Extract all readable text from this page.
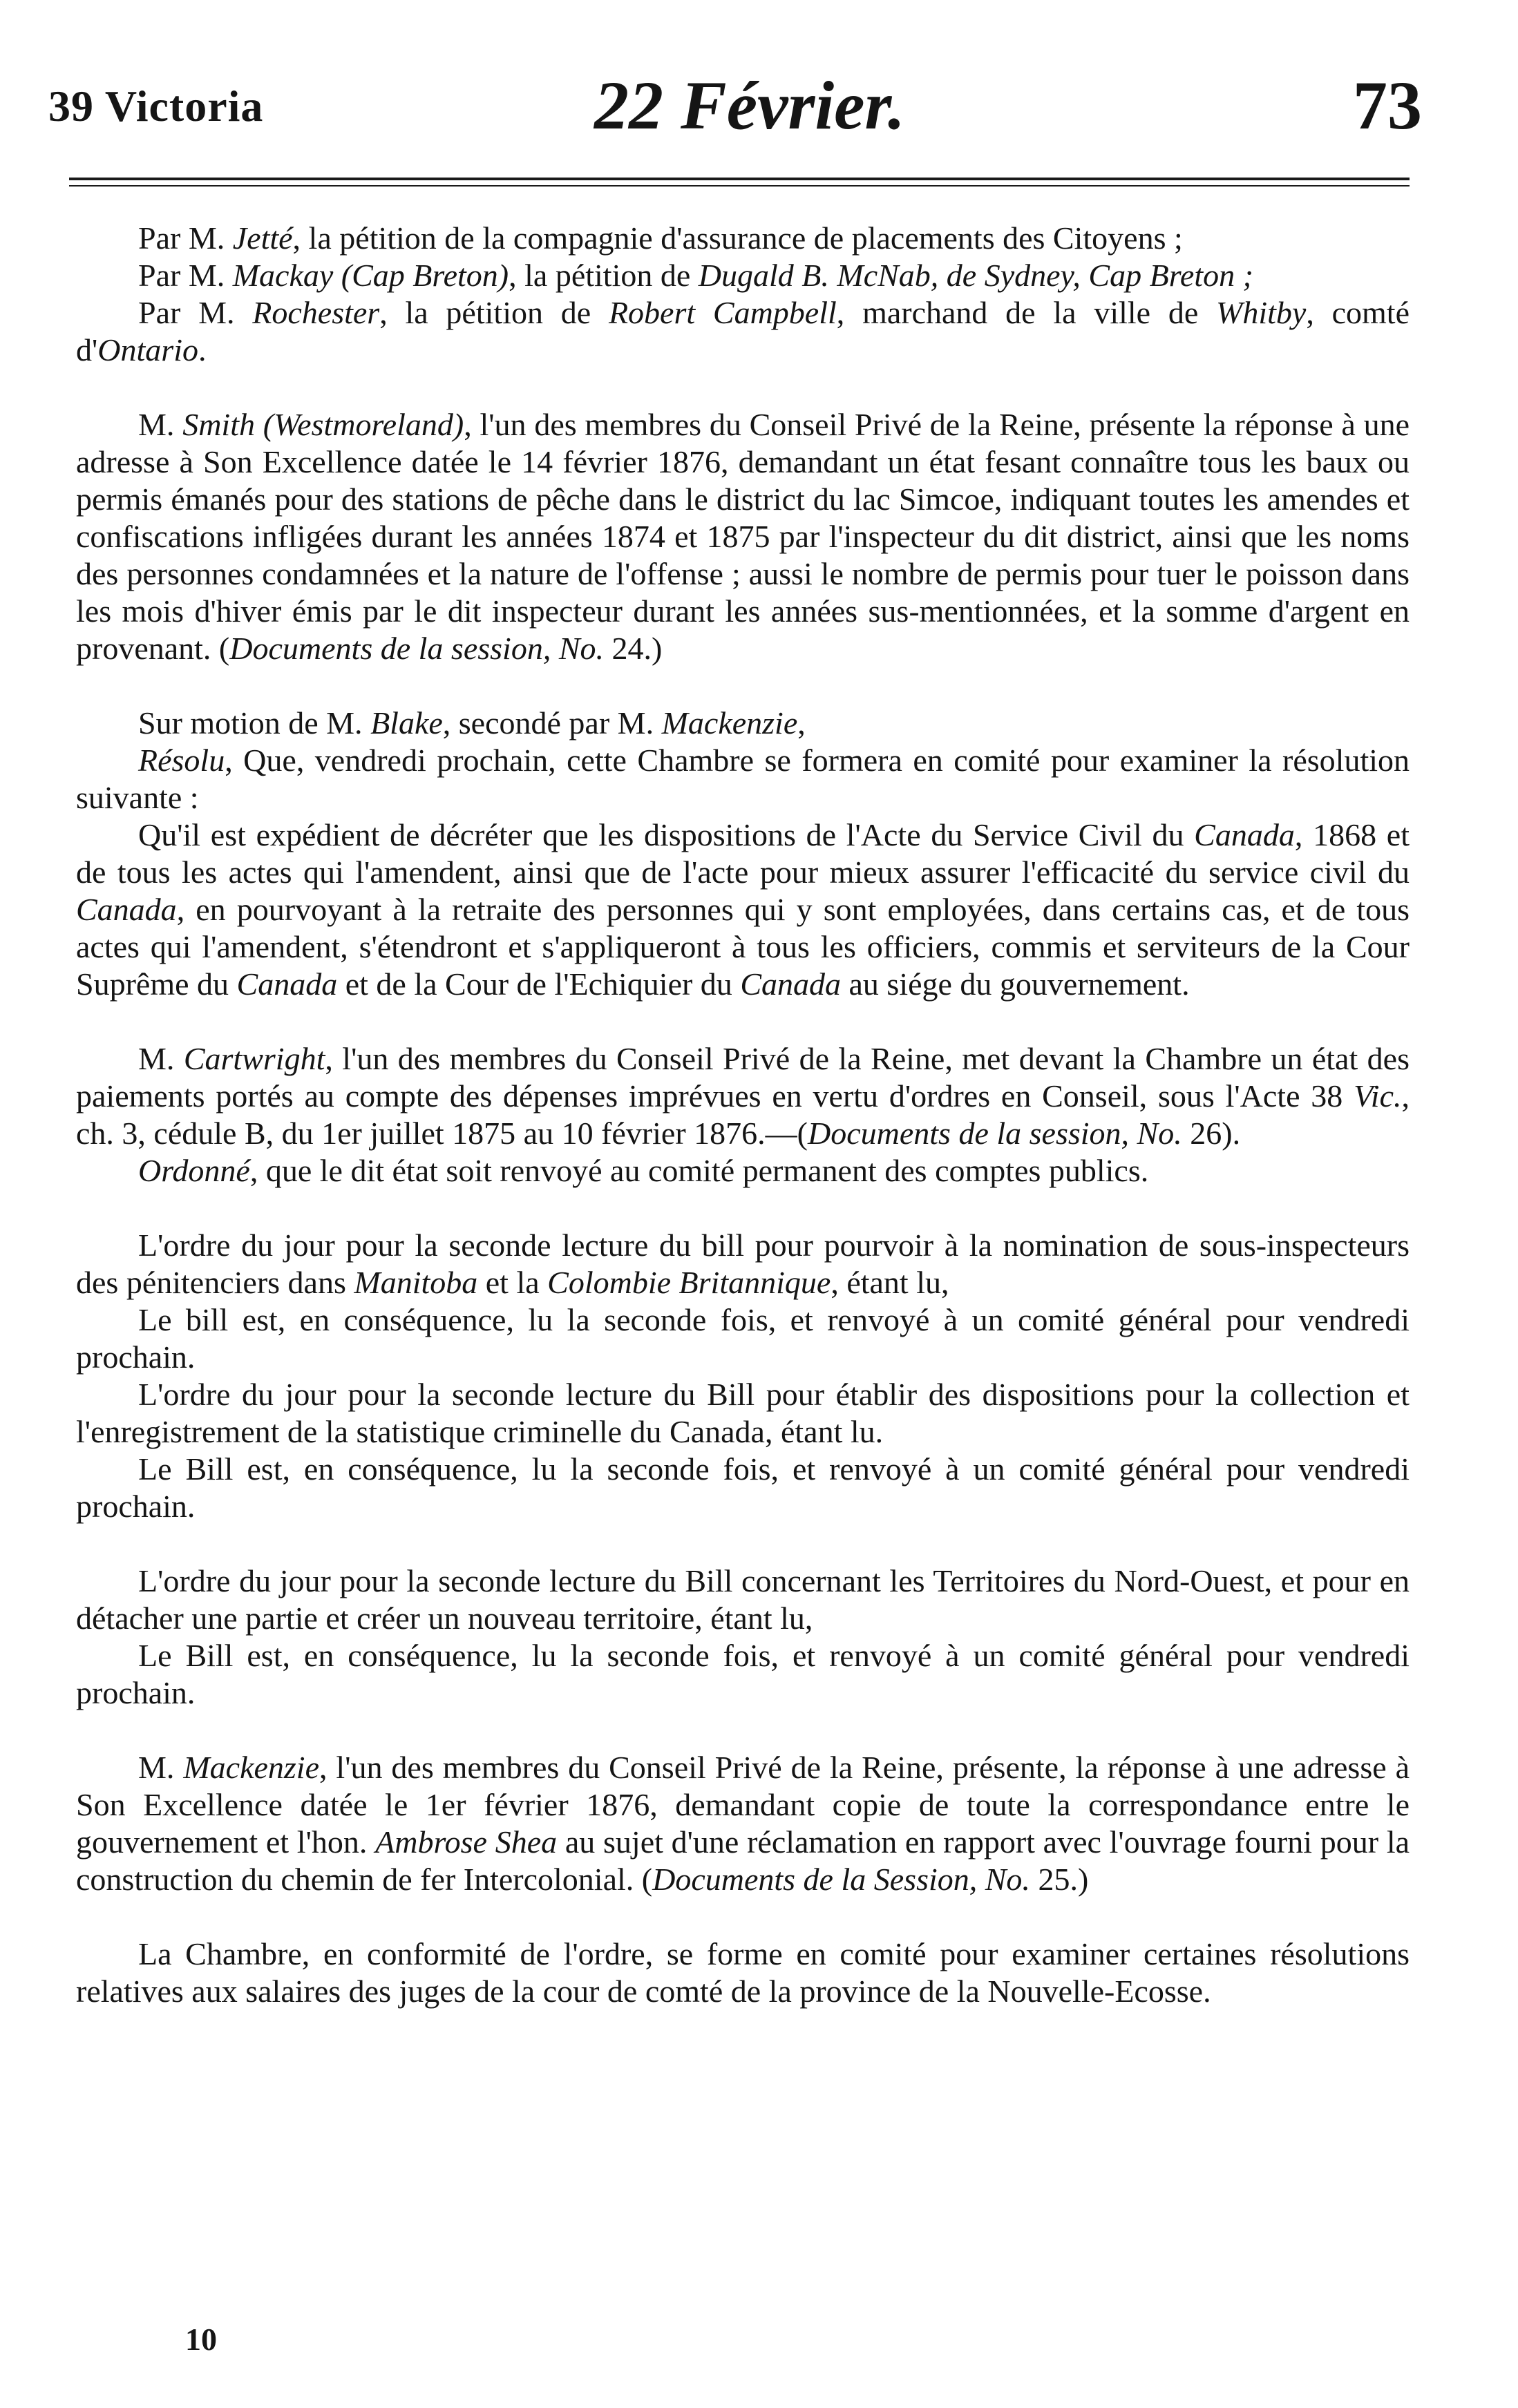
39 Victoria	22 Février.	73

Par M. Jetté, la pétition de la compagnie d'assurance de placements des Citoyens ;

Par M. Mackay (Cap Breton), la pétition de Dugald B. McNab, de Sydney, Cap Breton ;

Par M. Rochester, la pétition de Robert Campbell, marchand de la ville de Whitby, comté d'Ontario.

M. Smith (Westmoreland), l'un des membres du Conseil Privé de la Reine, présente la réponse à une adresse à Son Excellence datée le 14 février 1876, demandant un état fesant connaître tous les baux ou permis émanés pour des stations de pêche dans le district du lac Simcoe, indiquant toutes les amendes et confiscations infligées durant les années 1874 et 1875 par l'inspecteur du dit district, ainsi que les noms des personnes condamnées et la nature de l'offense ; aussi le nombre de permis pour tuer le poisson dans les mois d'hiver émis par le dit inspecteur durant les années sus-mentionnées, et la somme d'argent en provenant. (Documents de la session, No. 24.)

Sur motion de M. Blake, secondé par M. Mackenzie,

Résolu, Que, vendredi prochain, cette Chambre se formera en comité pour examiner la résolution suivante :

Qu'il est expédient de décréter que les dispositions de l'Acte du Service Civil du Canada, 1868 et de tous les actes qui l'amendent, ainsi que de l'acte pour mieux assurer l'efficacité du service civil du Canada, en pourvoyant à la retraite des personnes qui y sont employées, dans certains cas, et de tous actes qui l'amendent, s'étendront et s'appliqueront à tous les officiers, commis et serviteurs de la Cour Suprême du Canada et de la Cour de l'Echiquier du Canada au siége du gouvernement.

M. Cartwright, l'un des membres du Conseil Privé de la Reine, met devant la Chambre un état des paiements portés au compte des dépenses imprévues en vertu d'ordres en Conseil, sous l'Acte 38 Vic., ch. 3, cédule B, du 1er juillet 1875 au 10 février 1876.—(Documents de la session, No. 26).

Ordonné, que le dit état soit renvoyé au comité permanent des comptes publics.

L'ordre du jour pour la seconde lecture du bill pour pourvoir à la nomination de sous-inspecteurs des pénitenciers dans Manitoba et la Colombie Britannique, étant lu,

Le bill est, en conséquence, lu la seconde fois, et renvoyé à un comité général pour vendredi prochain.

L'ordre du jour pour la seconde lecture du Bill pour établir des dispositions pour la collection et l'enregistrement de la statistique criminelle du Canada, étant lu.

Le Bill est, en conséquence, lu la seconde fois, et renvoyé à un comité général pour vendredi prochain.

L'ordre du jour pour la seconde lecture du Bill concernant les Territoires du Nord-Ouest, et pour en détacher une partie et créer un nouveau territoire, étant lu,

Le Bill est, en conséquence, lu la seconde fois, et renvoyé à un comité général pour vendredi prochain.

M. Mackenzie, l'un des membres du Conseil Privé de la Reine, présente, la réponse à une adresse à Son Excellence datée le 1er février 1876, demandant copie de toute la correspondance entre le gouvernement et l'hon. Ambrose Shea au sujet d'une réclamation en rapport avec l'ouvrage fourni pour la construction du chemin de fer Intercolonial. (Documents de la Session, No. 25.)

La Chambre, en conformité de l'ordre, se forme en comité pour examiner certaines résolutions relatives aux salaires des juges de la cour de comté de la province de la Nouvelle-Ecosse.

10
